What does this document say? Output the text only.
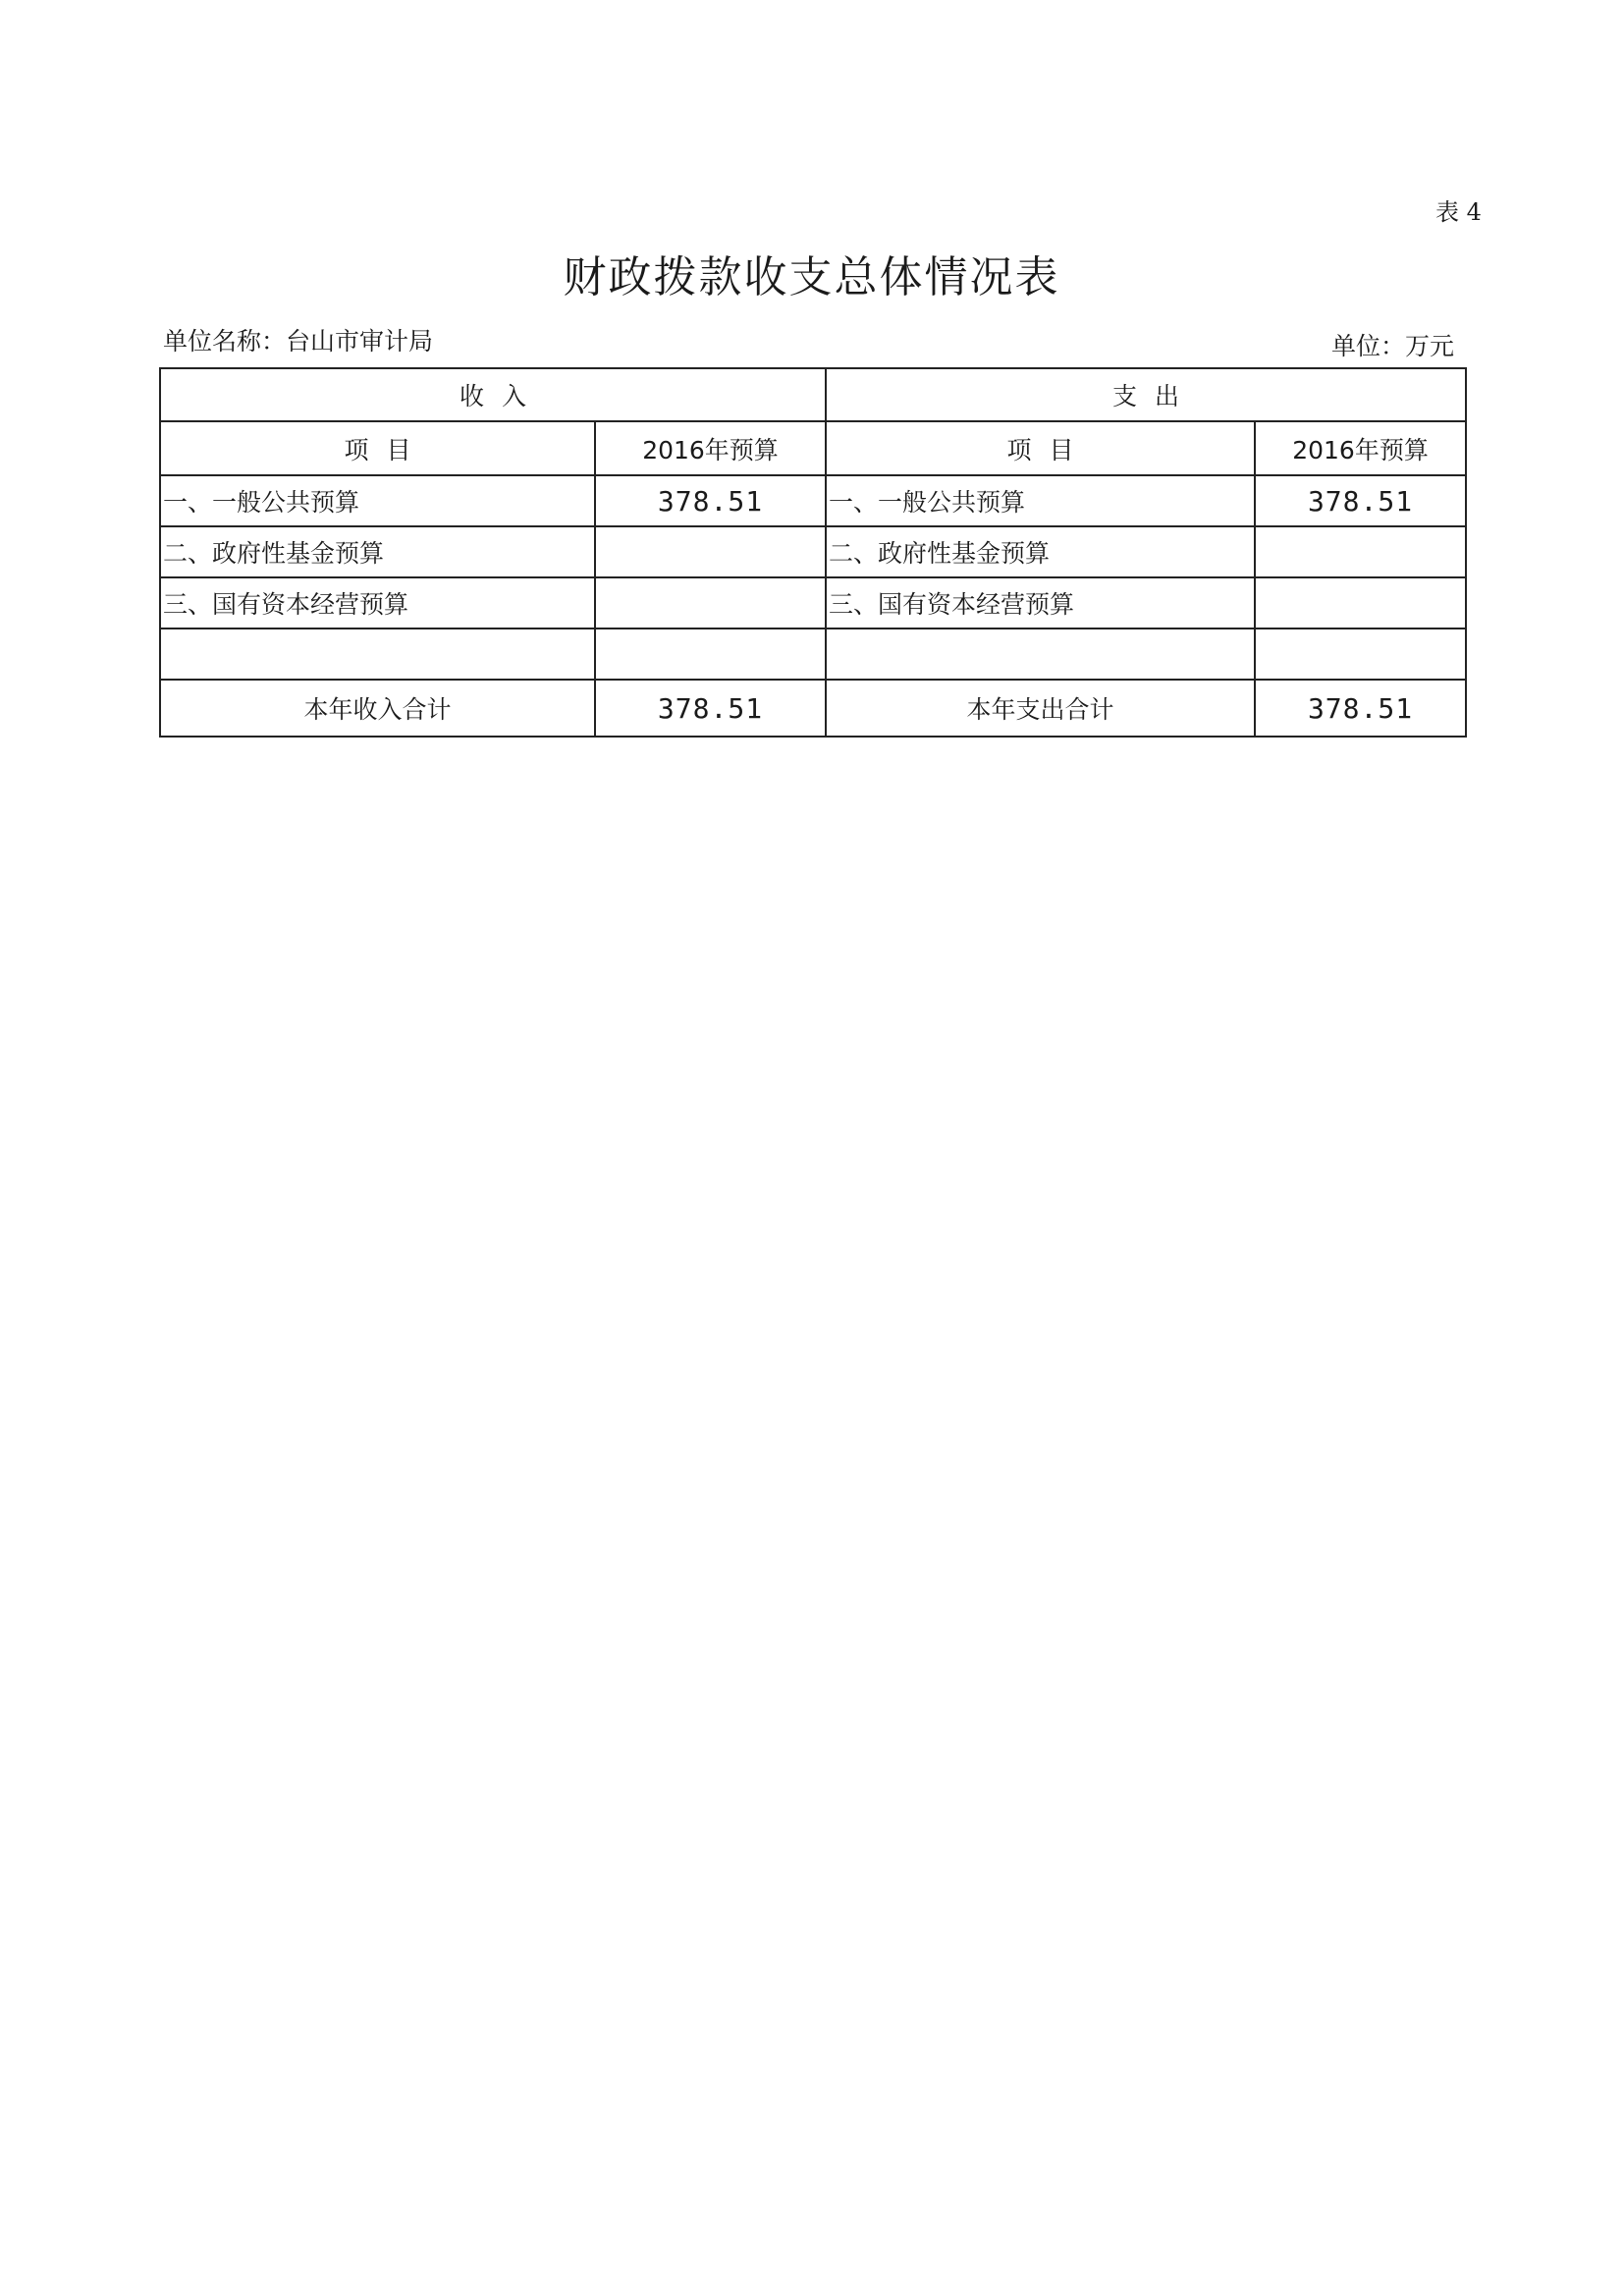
表 4
财政拨款收支总体情况表
单位名称：台山市审计局	单位：万元
收入		支出	
项目	2016年预算	项目	2016年预算
一、一般公共预算	378.51	一、一般公共预算	378.51
二、政府性基金预算		二、政府性基金预算	
三、国有资本经营预算		三、国有资本经营预算	

本年收入合计	378.51	本年支出合计	378.51
